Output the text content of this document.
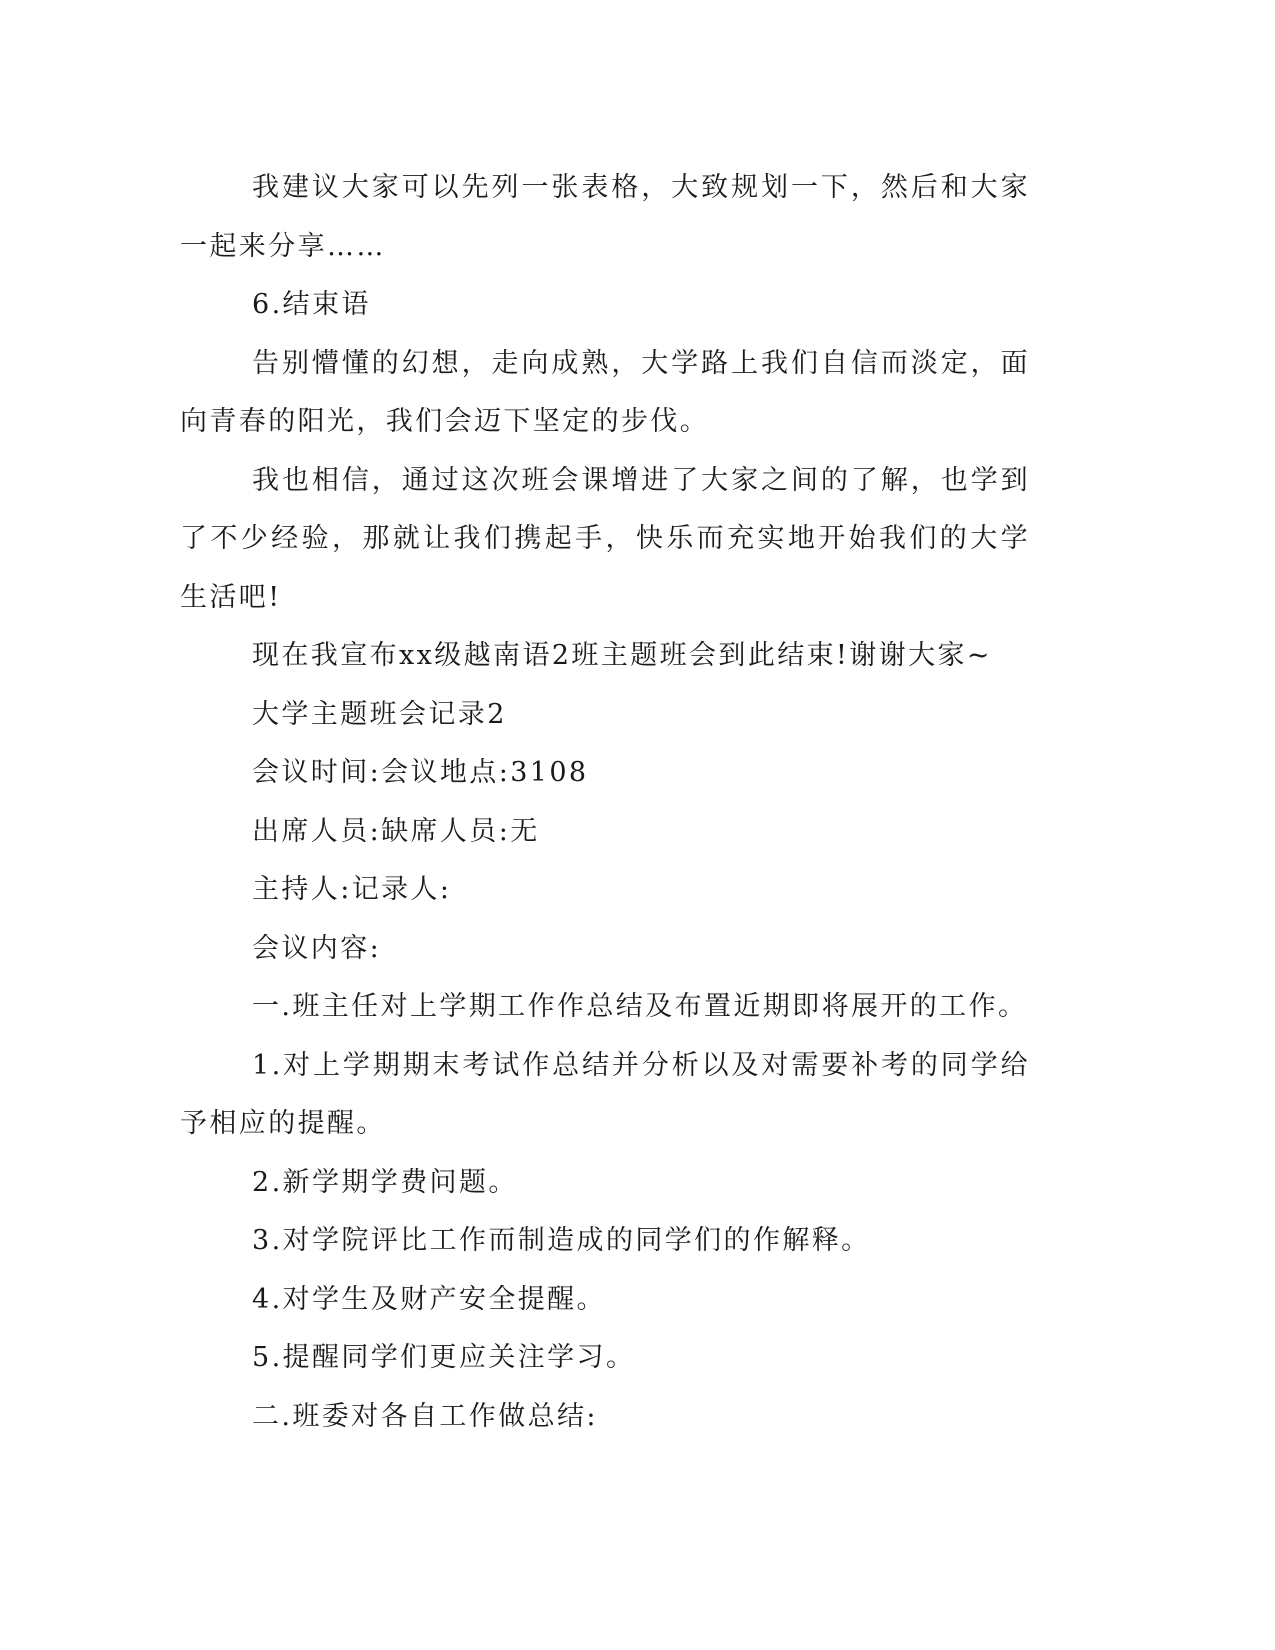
我建议大家可以先列一张表格，大致规划一下，然后和大家一起来分享……

6.结束语

告别懵懂的幻想，走向成熟，大学路上我们自信而淡定，面向青春的阳光，我们会迈下坚定的步伐。

我也相信，通过这次班会课增进了大家之间的了解，也学到了不少经验，那就让我们携起手，快乐而充实地开始我们的大学生活吧!

现在我宣布xx级越南语2班主题班会到此结束!谢谢大家~

大学主题班会记录2

会议时间:会议地点:3108

出席人员:缺席人员:无

主持人:记录人:

会议内容:

一.班主任对上学期工作作总结及布置近期即将展开的工作。

1.对上学期期末考试作总结并分析以及对需要补考的同学给予相应的提醒。

2.新学期学费问题。

3.对学院评比工作而制造成的同学们的作解释。

4.对学生及财产安全提醒。

5.提醒同学们更应关注学习。

二.班委对各自工作做总结:
